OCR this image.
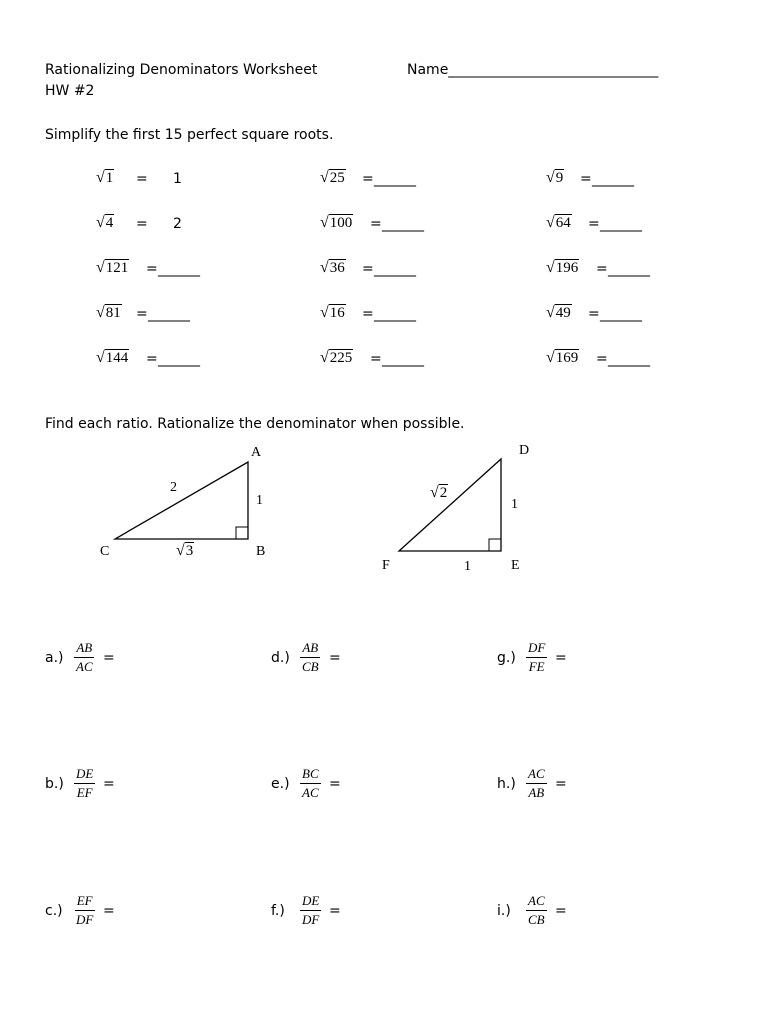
Rationalizing Denominators Worksheet	Name______________________________
HW #2
Simplify the first 15 perfect square roots.
√1 = 1	√25 = ______	√9 = ______
√4 = 2	√100 = ______	√64 = ______
√121 = ______	√36 = ______	√196 = ______
√81 = ______	√16 = ______	√49 = ______
√144 = ______	√225 = ______	√169 = ______
Find each ratio. Rationalize the denominator when possible.
A
B
C
2
1
√3
D
E
F
√2
1
1
$a.) \frac{AB}{AC}$ =	$d.) \frac{AB}{CB}$ =	$g.) \frac{DF}{FE}$ =
$b.) \frac{DE}{EF}$ =	$e.) \frac{BC}{AC}$ =	$h.) \frac{AC}{AB}$ =
$c.) \frac{EF}{DF}$ =	$f.) \frac{DE}{DF}$ =	$i.) \frac{AC}{CB}$ =
